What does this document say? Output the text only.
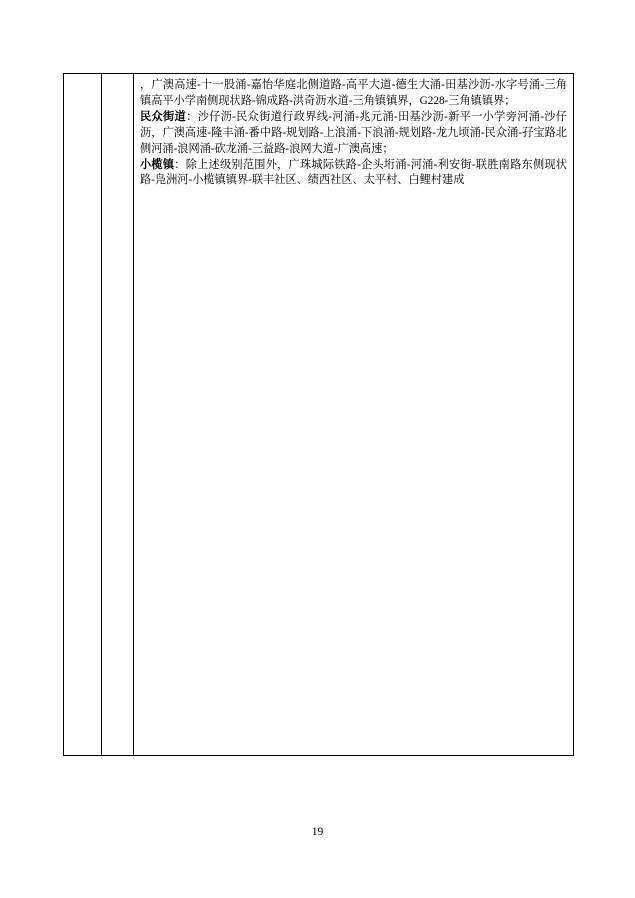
，广澳高速-十一股涌-嘉怡华庭北侧道路-高平大道-德生大涌-田基沙沥-水字号涌-三角镇高平小学南侧现状路-锦成路-洪奇沥水道-三角镇镇界，G228-三角镇镇界；

民众街道：沙仔沥-民众街道行政界线-河涌-兆元涌-田基沙沥-新平一小学旁河涌-沙仔沥，广澳高速-隆丰涌-番中路-规划路-上浪涌-下浪涌-规划路-龙九顷涌-民众涌-孖宝路北侧河涌-浪网涌-砍龙涌-三益路-浪网大道-广澳高速；

小榄镇：除上述级别范围外，广珠城际铁路-企头垳涌-河涌-利安街-联胜南路东侧现状路-凫洲河-小榄镇镇界-联丰社区、绩西社区、太平村、白鲤村建成

19
